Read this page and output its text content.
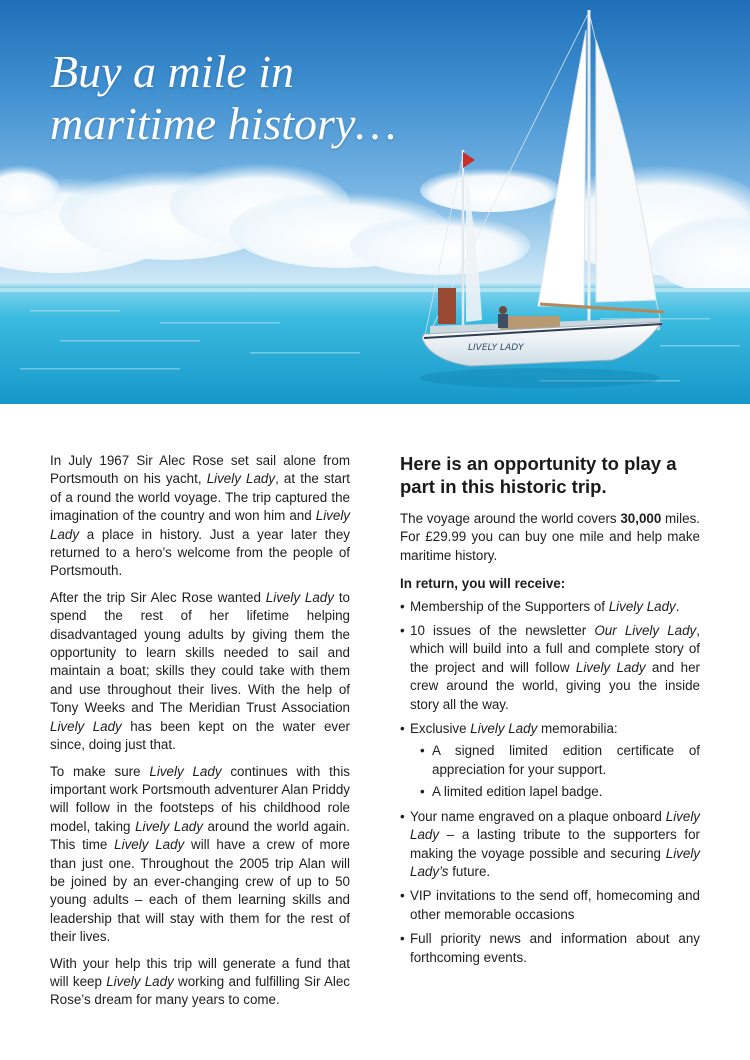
LIVELY LADY
Buy a mile in
maritime history…

In July 1967 Sir Alec Rose set sail alone from Portsmouth on his yacht, Lively Lady, at the start of a round the world voyage. The trip captured the imagination of the country and won him and Lively Lady a place in history. Just a year later they returned to a hero’s welcome from the people of Portsmouth.

After the trip Sir Alec Rose wanted Lively Lady to spend the rest of her lifetime helping disadvantaged young adults by giving them the opportunity to learn skills needed to sail and maintain a boat; skills they could take with them and use throughout their lives. With the help of Tony Weeks and The Meridian Trust Association Lively Lady has been kept on the water ever since, doing just that.

To make sure Lively Lady continues with this important work Portsmouth adventurer Alan Priddy will follow in the footsteps of his childhood role model, taking Lively Lady around the world again. This time Lively Lady will have a crew of more than just one. Throughout the 2005 trip Alan will be joined by an ever-changing crew of up to 50 young adults – each of them learning skills and leadership that will stay with them for the rest of their lives.

With your help this trip will generate a fund that will keep Lively Lady working and fulfilling Sir Alec Rose’s dream for many years to come.

Here is an opportunity to play a part in this historic trip.

The voyage around the world covers 30,000 miles. For £29.99 you can buy one mile and help make maritime history.

In return, you will receive:

• Membership of the Supporters of Lively Lady.
• 10 issues of the newsletter Our Lively Lady, which will build into a full and complete story of the project and will follow Lively Lady and her crew around the world, giving you the inside story all the way.
• Exclusive Lively Lady memorabilia:
• A signed limited edition certificate of appreciation for your support.
• A limited edition lapel badge.
• Your name engraved on a plaque onboard Lively Lady – a lasting tribute to the supporters for making the voyage possible and securing Lively Lady’s future.
• VIP invitations to the send off, homecoming and other memorable occasions
• Full priority news and information about any forthcoming events.
